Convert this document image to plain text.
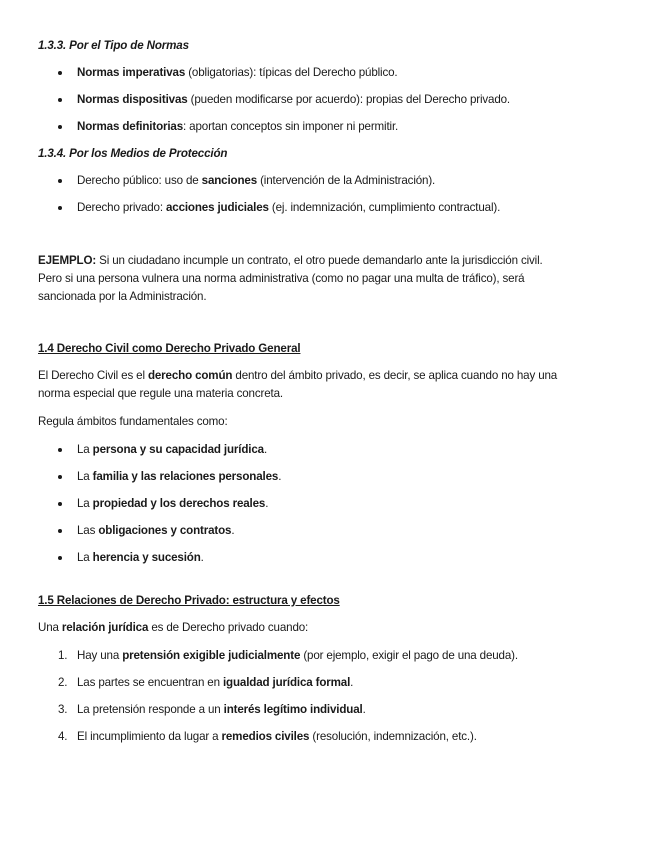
1.3.3. Por el Tipo de Normas
Normas imperativas (obligatorias): típicas del Derecho público.
Normas dispositivas (pueden modificarse por acuerdo): propias del Derecho privado.
Normas definitorias: aportan conceptos sin imponer ni permitir.
1.3.4. Por los Medios de Protección
Derecho público: uso de sanciones (intervención de la Administración).
Derecho privado: acciones judiciales (ej. indemnización, cumplimiento contractual).

EJEMPLO: Si un ciudadano incumple un contrato, el otro puede demandarlo ante la jurisdicción civil.
Pero si una persona vulnera una norma administrativa (como no pagar una multa de tráfico), será
sancionada por la Administración.

1.4 Derecho Civil como Derecho Privado General

El Derecho Civil es el derecho común dentro del ámbito privado, es decir, se aplica cuando no hay una
norma especial que regule una materia concreta.

Regula ámbitos fundamentales como:

La persona y su capacidad jurídica.
La familia y las relaciones personales.
La propiedad y los derechos reales.
Las obligaciones y contratos.
La herencia y sucesión.
1.5 Relaciones de Derecho Privado: estructura y efectos

Una relación jurídica es de Derecho privado cuando:

1. Hay una pretensión exigible judicialmente (por ejemplo, exigir el pago de una deuda).
2. Las partes se encuentran en igualdad jurídica formal.
3. La pretensión responde a un interés legítimo individual.
4. El incumplimiento da lugar a remedios civiles (resolución, indemnización, etc.).
